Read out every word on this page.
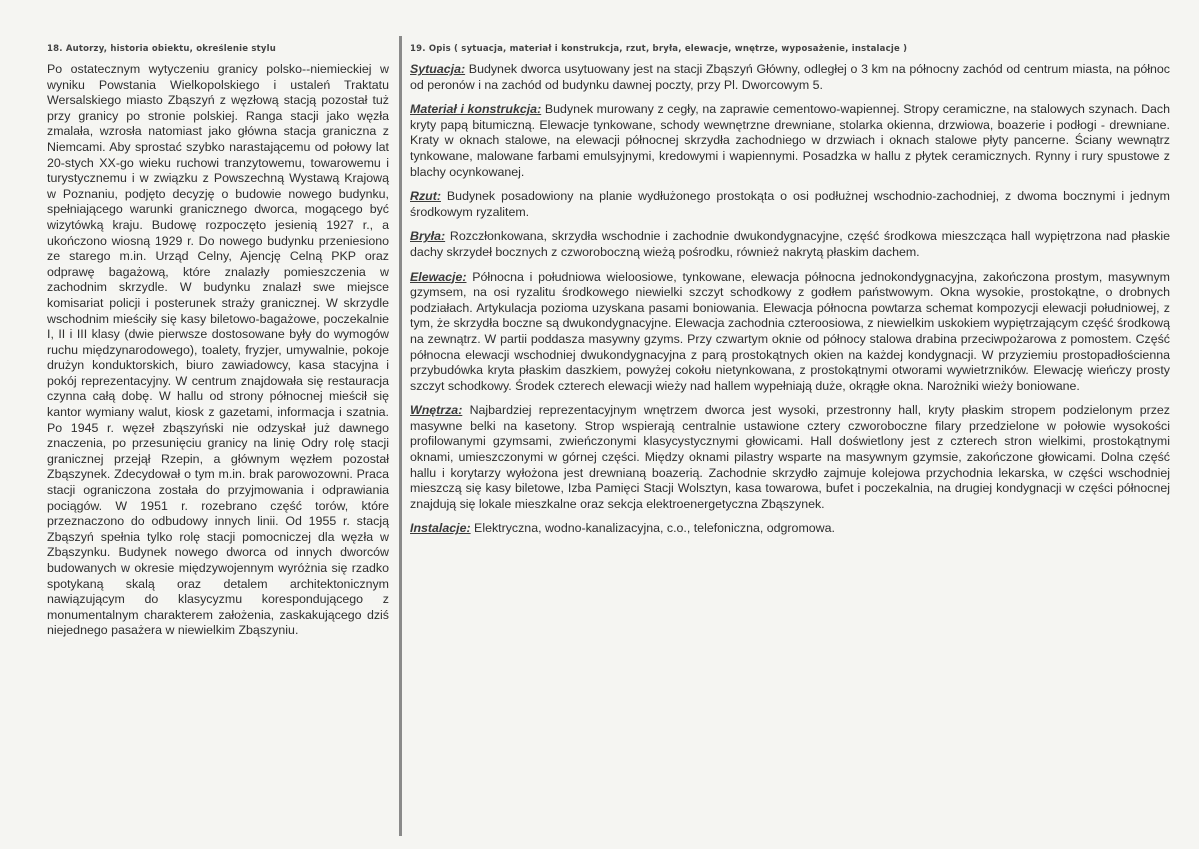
18. Autorzy, historia obiektu, określenie stylu

Po ostatecznym wytyczeniu granicy polsko--niemieckiej w wyniku Powstania Wielkopolskiego i ustaleń Traktatu Wersalskiego miasto Zbąszyń z węzłową stacją pozostał tuż przy granicy po stronie polskiej. Ranga stacji jako węzła zmalała, wzrosła natomiast jako główna stacja graniczna z Niemcami. Aby sprostać szybko narastającemu od połowy lat 20-stych XX-go wieku ruchowi tranzytowemu, towarowemu i turystycznemu i w związku z Powszechną Wystawą Krajową w Poznaniu, podjęto decyzję o budowie nowego budynku, spełniającego warunki granicznego dworca, mogącego być wizytówką kraju. Budowę rozpoczęto jesienią 1927 r., a ukończono wiosną 1929 r. Do nowego budynku przeniesiono ze starego m.in. Urząd Celny, Ajencję Celną PKP oraz odprawę bagażową, które znalazły pomieszczenia w zachodnim skrzydle. W budynku znalazł swe miejsce komisariat policji i posterunek straży granicznej. W skrzydle wschodnim mieściły się kasy biletowo-bagażowe, poczekalnie I, II i III klasy (dwie pierwsze dostosowane były do wymogów ruchu międzynarodowego), toalety, fryzjer, umywalnie, pokoje drużyn konduktorskich, biuro zawiadowcy, kasa stacyjna i pokój reprezentacyjny. W centrum znajdowała się restauracja czynna całą dobę. W hallu od strony północnej mieścił się kantor wymiany walut, kiosk z gazetami, informacja i szatnia. Po 1945 r. węzeł zbąszyński nie odzyskał już dawnego znaczenia, po przesunięciu granicy na linię Odry rolę stacji granicznej przejął Rzepin, a głównym węzłem pozostał Zbąszynek. Zdecydował o tym m.in. brak parowozowni. Praca stacji ograniczona została do przyjmowania i odprawiania pociągów. W 1951 r. rozebrano część torów, które przeznaczono do odbudowy innych linii. Od 1955 r. stacją Zbąszyń spełnia tylko rolę stacji pomocniczej dla węzła w Zbąszynku. Budynek nowego dworca od innych dworców budowanych w okresie międzywojennym wyróżnia się rzadko spotykaną skalą oraz detalem architektonicznym nawiązującym do klasycyzmu korespondującego z monumentalnym charakterem założenia, zaskakującego dziś niejednego pasażera w niewielkim Zbąszyniu.

19. Opis ( sytuacja, materiał i konstrukcja, rzut, bryła, elewacje, wnętrze, wyposażenie, instalacje )

Sytuacja: Budynek dworca usytuowany jest na stacji Zbąszyń Główny, odległej o 3 km na północny zachód od centrum miasta, na północ od peronów i na zachód od budynku dawnej poczty, przy Pl. Dworcowym 5.

Materiał i konstrukcja: Budynek murowany z cegły, na zaprawie cementowo-wapiennej. Stropy ceramiczne, na stalowych szynach. Dach kryty papą bitumiczną. Elewacje tynkowane, schody wewnętrzne drewniane, stolarka okienna, drzwiowa, boazerie i podłogi - drewniane. Kraty w oknach stalowe, na elewacji północnej skrzydła zachodniego w drzwiach i oknach stalowe płyty pancerne. Ściany wewnątrz tynkowane, malowane farbami emulsyjnymi, kredowymi i wapiennymi. Posadzka w hallu z płytek ceramicznych. Rynny i rury spustowe z blachy ocynkowanej.

Rzut: Budynek posadowiony na planie wydłużonego prostokąta o osi podłużnej wschodnio-zachodniej, z dwoma bocznymi i jednym środkowym ryzalitem.

Bryła: Rozczłonkowana, skrzydła wschodnie i zachodnie dwukondygnacyjne, część środkowa mieszcząca hall wypiętrzona nad płaskie dachy skrzydeł bocznych z czworoboczną wieżą pośrodku, również nakrytą płaskim dachem.

Elewacje: Północna i południowa wieloosiowe, tynkowane, elewacja północna jednokondygnacyjna, zakończona prostym, masywnym gzymsem, na osi ryzalitu środkowego niewielki szczyt schodkowy z godłem państwowym. Okna wysokie, prostokątne, o drobnych podziałach. Artykulacja pozioma uzyskana pasami boniowania. Elewacja północna powtarza schemat kompozycji elewacji południowej, z tym, że skrzydła boczne są dwukondygnacyjne. Elewacja zachodnia czteroosiowa, z niewielkim uskokiem wypiętrzającym część środkową na zewnątrz. W partii poddasza masywny gzyms. Przy czwartym oknie od północy stalowa drabina przeciwpożarowa z pomostem. Część północna elewacji wschodniej dwukondygnacyjna z parą prostokątnych okien na każdej kondygnacji. W przyziemiu prostopadłościenna przybudówka kryta płaskim daszkiem, powyżej cokołu nietynkowana, z prostokątnymi otworami wywietrzników. Elewację wieńczy prosty szczyt schodkowy. Środek czterech elewacji wieży nad hallem wypełniają duże, okrągłe okna. Narożniki wieży boniowane.

Wnętrza: Najbardziej reprezentacyjnym wnętrzem dworca jest wysoki, przestronny hall, kryty płaskim stropem podzielonym przez masywne belki na kasetony. Strop wspierają centralnie ustawione cztery czworoboczne filary przedzielone w połowie wysokości profilowanymi gzymsami, zwieńczonymi klasycystycznymi głowicami. Hall doświetlony jest z czterech stron wielkimi, prostokątnymi oknami, umieszczonymi w górnej części. Między oknami pilastry wsparte na masywnym gzymsie, zakończone głowicami. Dolna część hallu i korytarzy wyłożona jest drewnianą boazerią. Zachodnie skrzydło zajmuje kolejowa przychodnia lekarska, w części wschodniej mieszczą się kasy biletowe, Izba Pamięci Stacji Wolsztyn, kasa towarowa, bufet i poczekalnia, na drugiej kondygnacji w części północnej znajdują się lokale mieszkalne oraz sekcja elektroenergetyczna Zbąszynek.

Instalacje: Elektryczna, wodno-kanalizacyjna, c.o., telefoniczna, odgromowa.
